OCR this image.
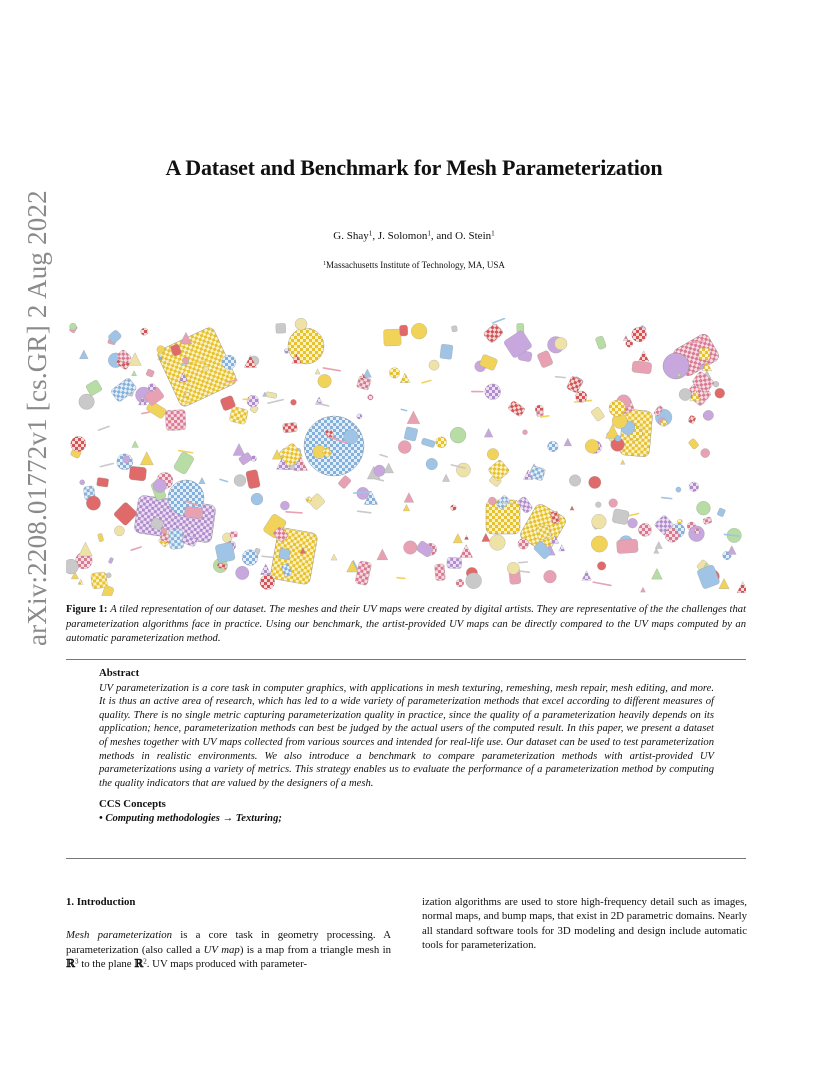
arXiv:2208.01772v1 [cs.GR] 2 Aug 2022
A Dataset and Benchmark for Mesh Parameterization
G. Shay$^1$, J. Solomon$^1$, and O. Stein$^1$
$^1$Massachusetts Institute of Technology, MA, USA
Figure 1: A tiled representation of our dataset. The meshes and their UV maps were created by digital artists. They are representative of the the challenges that parameterization algorithms face in practice. Using our benchmark, the artist-provided UV maps can be directly compared to the UV maps computed by an automatic parameterization method.
Abstract
UV parameterization is a core task in computer graphics, with applications in mesh texturing, remeshing, mesh repair, mesh editing, and more. It is thus an active area of research, which has led to a wide variety of parameterization methods that excel according to different measures of quality. There is no single metric capturing parameterization quality in practice, since the quality of a parameterization heavily depends on its application; hence, parameterization methods can best be judged by the actual users of the computed result. In this paper, we present a dataset of meshes together with UV maps collected from various sources and intended for real-life use. Our dataset can be used to test parameterization methods in realistic environments. We also introduce a benchmark to compare parameterization methods with artist-provided UV parameterizations using a variety of metrics. This strategy enables us to evaluate the performance of a parameterization method by computing the quality indicators that are valued by the designers of a mesh.
CCS Concepts
• Computing methodologies → Texturing;
1. Introduction
Mesh parameterization is a core task in geometry processing. A parameterization (also called a UV map) is a map from a triangle mesh in ℝ$^3$ to the plane ℝ$^2$. UV maps produced with parameter-
ization algorithms are used to store high-frequency detail such as images, normal maps, and bump maps, that exist in 2D parametric domains. Nearly all standard software tools for 3D modeling and design include automatic tools for parameterization.
